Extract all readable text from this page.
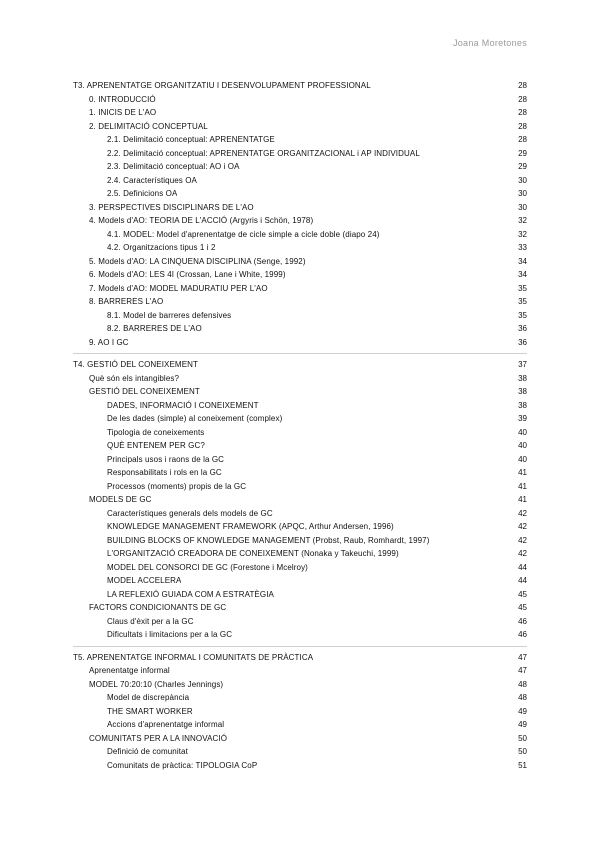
Joana Moretones
T3. APRENENTATGE ORGANITZATIU I DESENVOLUPAMENT PROFESSIONAL	28
0. INTRODUCCIÓ	28
1. INICIS DE L'AO	28
2. DELIMITACIÓ CONCEPTUAL	28
2.1. Delimitació conceptual: APRENENTATGE	28
2.2. Delimitació conceptual: APRENENTATGE ORGANITZACIONAL i AP INDIVIDUAL	29
2.3. Delimitació conceptual: AO i OA	29
2.4. Característiques OA	30
2.5. Definicions OA	30
3. PERSPECTIVES DISCIPLINARS DE L'AO	30
4. Models d'AO: TEORIA DE L'ACCIÓ (Argyris i Schön, 1978)	32
4.1. MODEL: Model d'aprenentatge de cicle simple a cicle doble (diapo 24)	32
4.2. Organitzacions tipus 1 i 2	33
5. Models d'AO: LA CINQUENA DISCIPLINA (Senge, 1992)	34
6. Models d'AO: LES 4I (Crossan, Lane i White, 1999)	34
7. Models d'AO: MODEL MADURATIU PER L'AO	35
8. BARRERES L'AO	35
8.1. Model de barreres defensives	35
8.2. BARRERES DE L'AO	36
9. AO I GC	36
T4. GESTIÓ DEL CONEIXEMENT	37
Què són els intangibles?	38
GESTIÓ DEL CONEIXEMENT	38
DADES, INFORMACIÓ I CONEIXEMENT	38
De les dades (simple) al coneixement (complex)	39
Tipologia de coneixements	40
QUÈ ENTENEM PER GC?	40
Principals usos i raons de la GC	40
Responsabilitats i rols en la GC	41
Processos (moments) propis de la GC	41
MODELS DE GC	41
Característiques generals dels models de GC	42
KNOWLEDGE MANAGEMENT FRAMEWORK (APQC, Arthur Andersen, 1996)	42
BUILDING BLOCKS OF KNOWLEDGE MANAGEMENT (Probst, Raub, Romhardt, 1997)	42
L'ORGANITZACIÓ CREADORA DE CONEIXEMENT (Nonaka y Takeuchi, 1999)	42
MODEL DEL CONSORCI DE GC (Forestone i Mcelroy)	44
MODEL ACCELERA	44
LA REFLEXIÓ GUIADA COM A ESTRATÈGIA	45
FACTORS CONDICIONANTS DE GC	45
Claus d'èxit per a la GC	46
Dificultats i limitacions per a la GC	46
T5. APRENENTATGE INFORMAL I COMUNITATS DE PRÀCTICA	47
Aprenentatge informal	47
MODEL 70:20:10 (Charles Jennings)	48
Model de discrepància	48
THE SMART WORKER	49
Accions d'aprenentatge informal	49
COMUNITATS PER A LA INNOVACIÓ	50
Definició de comunitat	50
Comunitats de pràctica: TIPOLOGIA CoP	51
